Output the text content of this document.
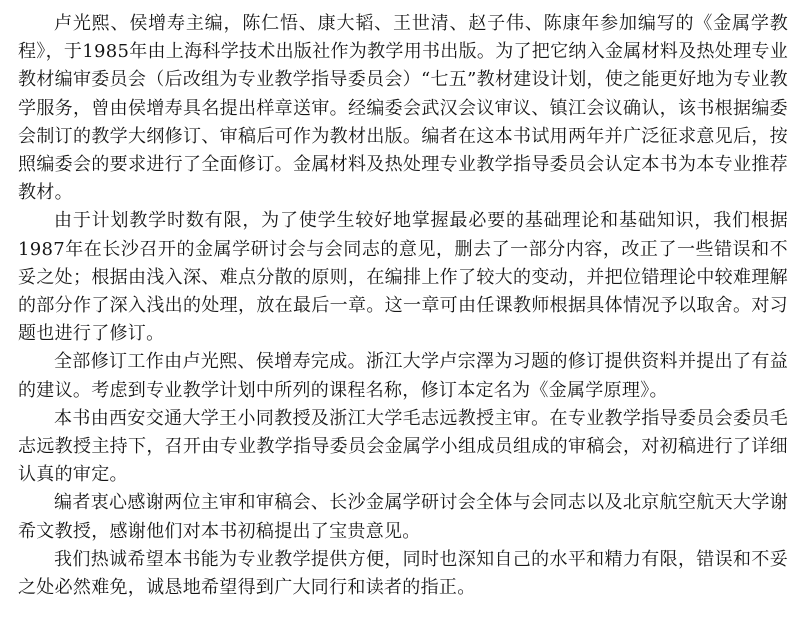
卢光熙、侯增寿主编，陈仁悟、康大韬、王世清、赵子伟、陈康年参加编写的《金属学教程》，于1985年由上海科学技术出版社作为教学用书出版。为了把它纳入金属材料及热处理专业教材编审委员会（后改组为专业教学指导委员会）“七五”教材建设计划，使之能更好地为专业教学服务，曾由侯增寿具名提出样章送审。经编委会武汉会议审议、镇江会议确认，该书根据编委会制订的教学大纲修订、审稿后可作为教材出版。编者在这本书试用两年并广泛征求意见后，按照编委会的要求进行了全面修订。金属材料及热处理专业教学指导委员会认定本书为本专业推荐教材。

由于计划教学时数有限，为了使学生较好地掌握最必要的基础理论和基础知识，我们根据1987年在长沙召开的金属学研讨会与会同志的意见，删去了一部分内容，改正了一些错误和不妥之处；根据由浅入深、难点分散的原则，在编排上作了较大的变动，并把位错理论中较难理解的部分作了深入浅出的处理，放在最后一章。这一章可由任课教师根据具体情况予以取舍。对习题也进行了修订。

全部修订工作由卢光熙、侯增寿完成。浙江大学卢宗澤为习题的修订提供资料并提出了有益的建议。考虑到专业教学计划中所列的课程名称，修订本定名为《金属学原理》。

本书由西安交通大学王小同教授及浙江大学毛志远教授主审。在专业教学指导委员会委员毛志远教授主持下，召开由专业教学指导委员会金属学小组成员组成的审稿会，对初稿进行了详细认真的审定。

编者衷心感谢两位主审和审稿会、长沙金属学研讨会全体与会同志以及北京航空航天大学谢希文教授，感谢他们对本书初稿提出了宝贵意见。

我们热诚希望本书能为专业教学提供方便，同时也深知自己的水平和精力有限，错误和不妥之处必然难免，诚恳地希望得到广大同行和读者的指正。
